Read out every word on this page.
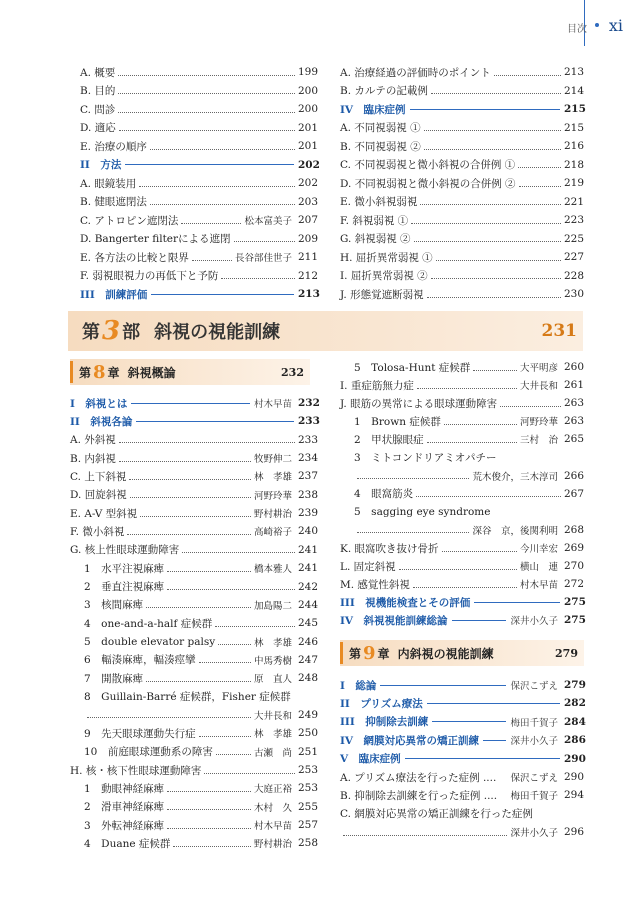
目次 xi
A. 概要	199
B. 目的	200
C. 問診	200
D. 適応	201
E. 治療の順序	201
II　方法	202
A. 眼鏡装用	202
B. 健眼遮閉法	203
C. アトロピン遮閉法	松本富美子 207
D. Bangerter filterによる遮閉	209
E. 各方法の比較と限界	長谷部佳世子 211
F. 弱視眼視力の再低下と予防	212
III　訓練評価	213
A. 治療経過の評価時のポイント	213
B. カルテの記載例	214
IV　臨床症例	215
A. 不同視弱視 ①	215
B. 不同視弱視 ②	216
C. 不同視弱視と微小斜視の合併例 ①	218
D. 不同視弱視と微小斜視の合併例 ②	219
E. 微小斜視弱視	221
F. 斜視弱視 ①	223
G. 斜視弱視 ②	225
H. 屈折異常弱視 ①	227
I. 屈折異常弱視 ②	228
J. 形態覚遮断弱視	230
第 3 部 斜視の視能訓練	231
第 8 章 斜視概論	232
第 9 章 内斜視の視能訓練	279
I　斜視とは	村木早苗 232
II　斜視各論	233
A. 外斜視	233
B. 内斜視	牧野伸二 234
C. 上下斜視	林　孝雄 237
D. 回旋斜視	河野玲華 238
E. A-V 型斜視	野村耕治 239
F. 微小斜視	高崎裕子 240
G. 核上性眼球運動障害	241
1　水平注視麻痺	橋本雅人 241
2　垂直注視麻痺	242
3　核間麻痺	加島陽二 244
4　one-and-a-half 症候群	245
5　double elevator palsy	林　孝雄 246
6　輻湊麻痺，輻湊痙攣	中馬秀樹 247
7　開散麻痺	原　直人 248
8　Guillain-Barré 症候群，Fisher 症候群
大井長和 249
9　先天眼球運動失行症	林　孝雄 250
10　前庭眼球運動系の障害	古瀬　尚 251
H. 核・核下性眼球運動障害	253
1　動眼神経麻痺	大庭正裕 253
2　滑車神経麻痺	木村　久 255
3　外転神経麻痺	村木早苗 257
4　Duane 症候群	野村耕治 258
5　Tolosa-Hunt 症候群	大平明彦 260
I. 重症筋無力症	大井長和 261
J. 眼筋の異常による眼球運動障害	263
1　Brown 症候群	河野玲華 263
2　甲状腺眼症	三村　治 265
3　ミトコンドリアミオパチー
荒木俊介，三木淳司 266
4　眼窩筋炎	267
5　sagging eye syndrome
深谷　京，後関利明 268
K. 眼窩吹き抜け骨折	今川幸宏 269
L. 固定斜視	横山　連 270
M. 感覚性斜視	村木早苗 272
III　視機能検査とその評価	275
IV　斜視視能訓練総論	深井小久子 275
I　総論	保沢こずえ 279
II　プリズム療法	282
III　抑制除去訓練	梅田千賀子 284
IV　網膜対応異常の矯正訓練	深井小久子 286
V　臨床症例	290
A. プリズム療法を行った症例 .... 保沢こずえ 290
B. 抑制除去訓練を行った症例 .... 梅田千賀子 294
C. 網膜対応異常の矯正訓練を行った症例
深井小久子 296
